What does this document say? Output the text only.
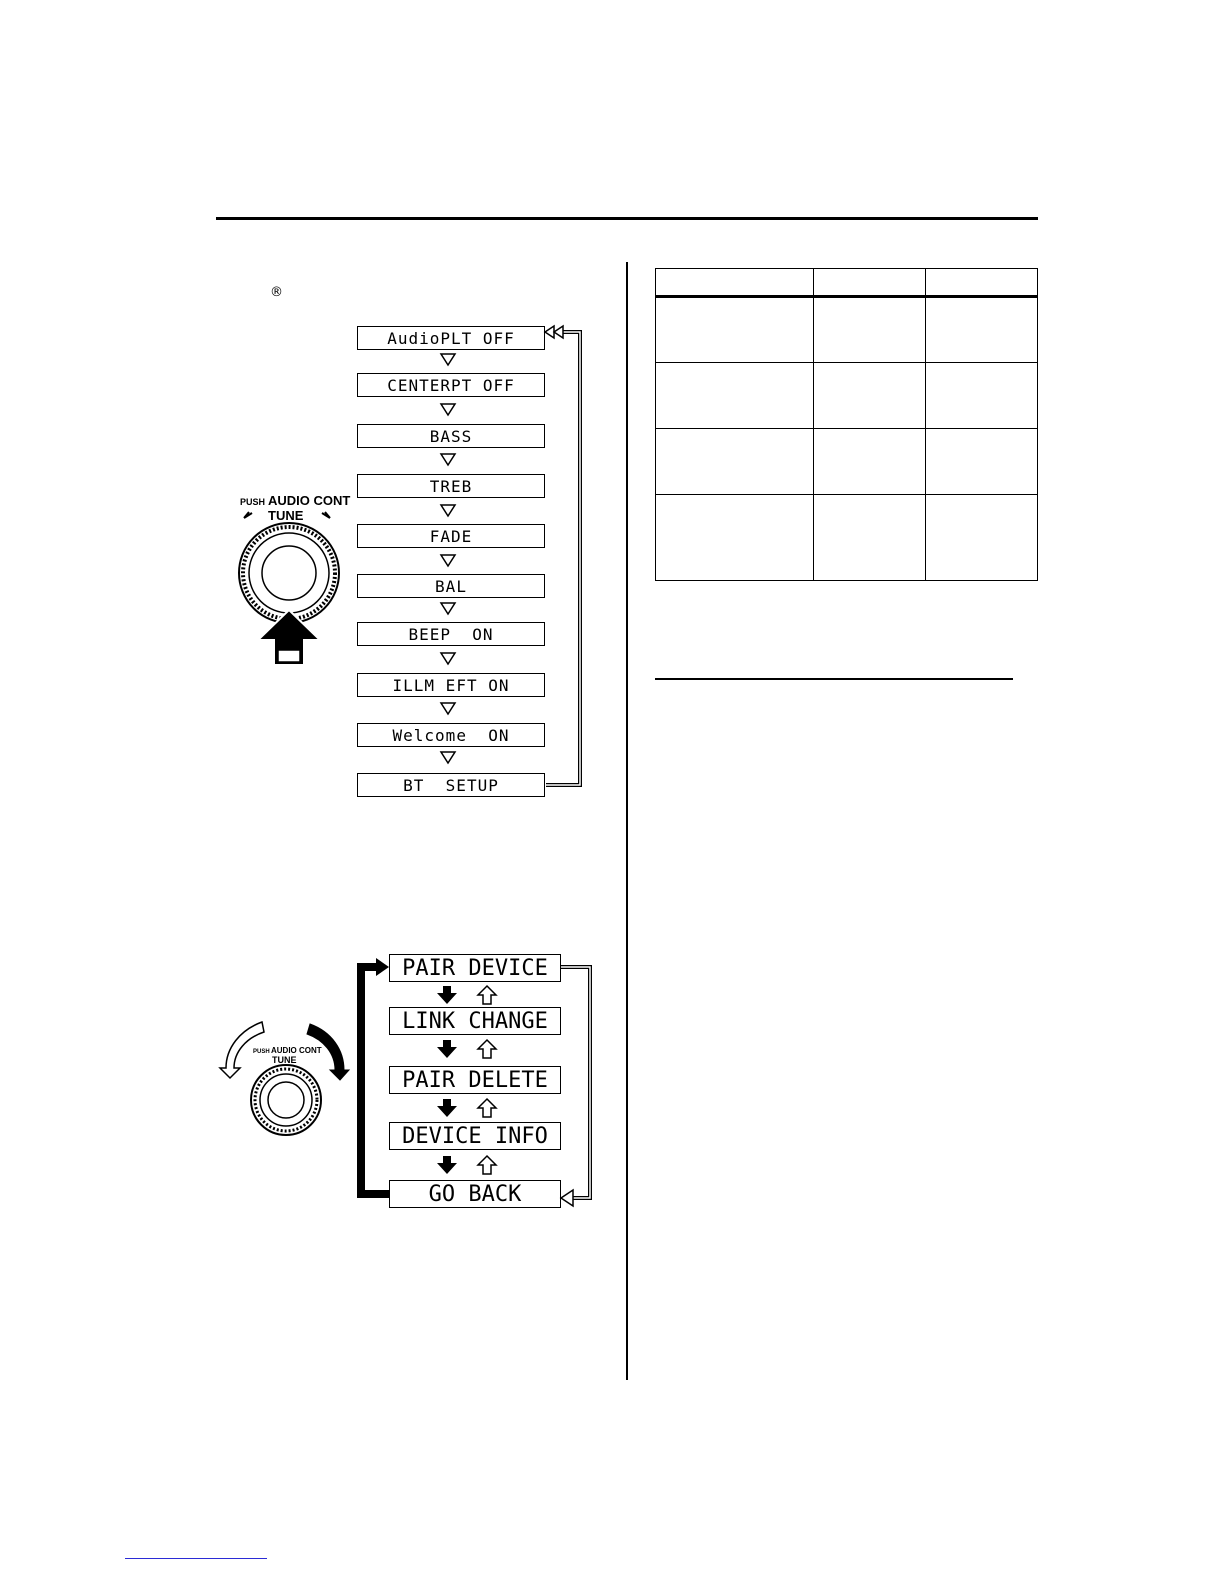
®
AudioPLT OFF
CENTERPT OFF
BASS
TREB
FADE
BAL
BEEP  ON
ILLM EFT ON
Welcome  ON
BT  SETUP
PUSH AUDIO CONT
TUNE
PAIR DEVICE
LINK CHANGE
PAIR DELETE
DEVICE INFO
GO BACK
PUSH AUDIO CONT
TUNE
